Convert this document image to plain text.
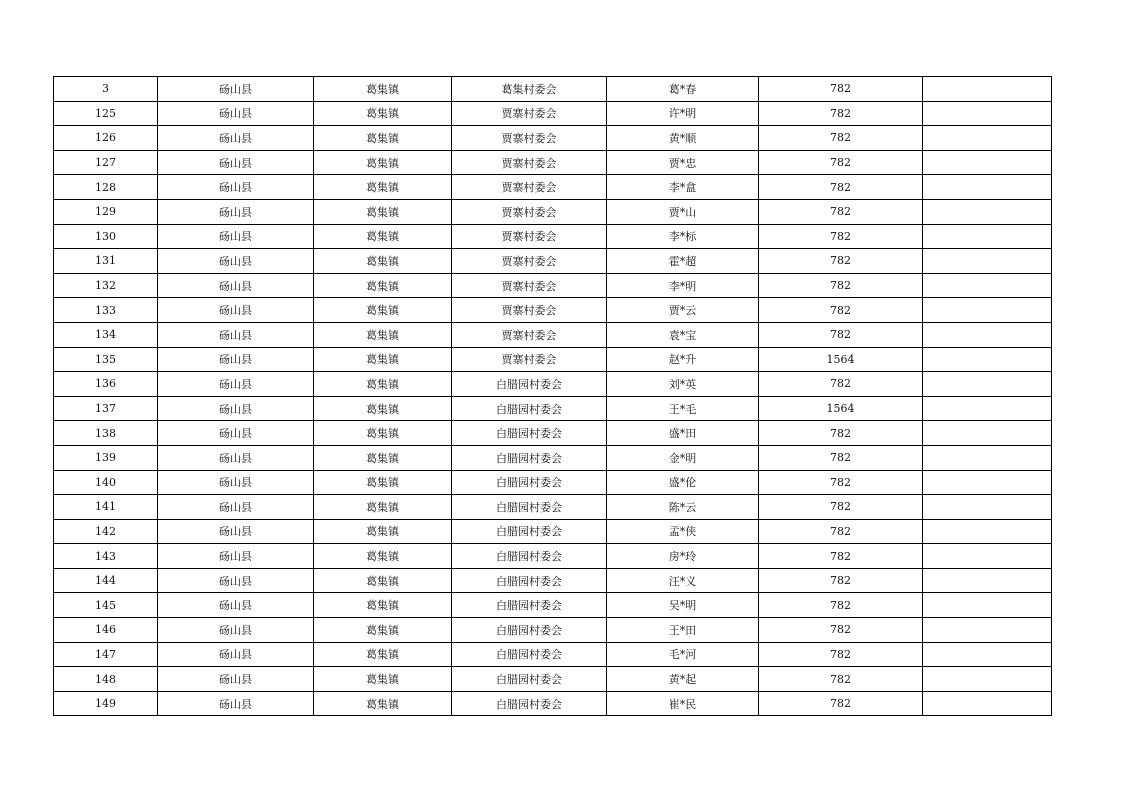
3	砀山县	葛集镇	葛集村委会	葛*春	782	
125	砀山县	葛集镇	贾寨村委会	许*明	782	
126	砀山县	葛集镇	贾寨村委会	黄*顺	782	
127	砀山县	葛集镇	贾寨村委会	贾*忠	782	
128	砀山县	葛集镇	贾寨村委会	李*盒	782	
129	砀山县	葛集镇	贾寨村委会	贾*山	782	
130	砀山县	葛集镇	贾寨村委会	李*标	782	
131	砀山县	葛集镇	贾寨村委会	霍*超	782	
132	砀山县	葛集镇	贾寨村委会	李*明	782	
133	砀山县	葛集镇	贾寨村委会	贾*云	782	
134	砀山县	葛集镇	贾寨村委会	袁*宝	782	
135	砀山县	葛集镇	贾寨村委会	赵*升	1564	
136	砀山县	葛集镇	白腊园村委会	刘*英	782	
137	砀山县	葛集镇	白腊园村委会	王*毛	1564	
138	砀山县	葛集镇	白腊园村委会	盛*田	782	
139	砀山县	葛集镇	白腊园村委会	金*明	782	
140	砀山县	葛集镇	白腊园村委会	盛*伦	782	
141	砀山县	葛集镇	白腊园村委会	陈*云	782	
142	砀山县	葛集镇	白腊园村委会	孟*侠	782	
143	砀山县	葛集镇	白腊园村委会	房*玲	782	
144	砀山县	葛集镇	白腊园村委会	汪*义	782	
145	砀山县	葛集镇	白腊园村委会	吴*明	782	
146	砀山县	葛集镇	白腊园村委会	王*田	782	
147	砀山县	葛集镇	白腊园村委会	毛*河	782	
148	砀山县	葛集镇	白腊园村委会	黄*起	782	
149	砀山县	葛集镇	白腊园村委会	崔*民	782	
